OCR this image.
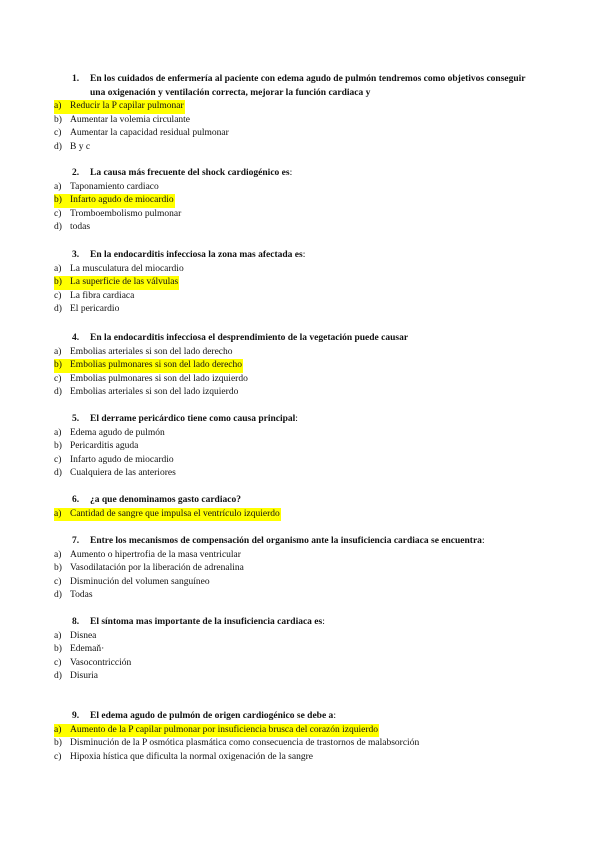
1.	En los cuidados de enfermería al paciente con edema agudo de pulmón tendremos como objetivos conseguir una oxigenación y ventilación correcta, mejorar la función cardiaca y
a) Reducir la P capilar pulmonar
b) Aumentar la volemia circulante
c) Aumentar la capacidad residual pulmonar
d) B y c
2.	La causa más frecuente del shock cardiogénico es:
a) Taponamiento cardiaco
b) Infarto agudo de miocardio
c) Tromboembolismo pulmonar
d) todas
3.	En la endocarditis infecciosa la zona mas afectada es:
a) La musculatura del miocardio
b) La superficie de las válvulas
c) La fibra cardiaca
d) El pericardio
4.	En la endocarditis infecciosa el desprendimiento de la vegetación puede causar
a) Embolias arteriales si son del lado derecho
b) Embolias pulmonares si son del lado derecho
c) Embolias pulmonares si son del lado izquierdo
d) Embolias arteriales si son del lado izquierdo
5.	El derrame pericárdico tiene como causa principal:
a) Edema agudo de pulmón
b) Pericarditis aguda
c) Infarto agudo de miocardio
d) Cualquiera de las anteriores
6.	¿a que denominamos gasto cardiaco?
a) Cantidad de sangre que impulsa el ventrículo izquierdo
7.	Entre los mecanismos de compensación del organismo ante la insuficiencia cardiaca se encuentra:
a) Aumento o hipertrofia de la masa ventricular
b) Vasodilatación por la liberación de adrenalina
c) Disminución del volumen sanguíneo
d) Todas
8.	El síntoma mas importante de la insuficiencia cardiaca es:
a) Disnea
b) Edemaň·
c) Vasocontricción
d) Disuria
9.	El edema agudo de pulmón de origen cardiogénico se debe a:
a) Aumento de la P capilar pulmonar por insuficiencia brusca del corazón izquierdo
b) Disminución de la P osmótica plasmática como consecuencia de trastornos de malabsorción
c) Hipoxia hística que dificulta la normal oxigenación de la sangre
